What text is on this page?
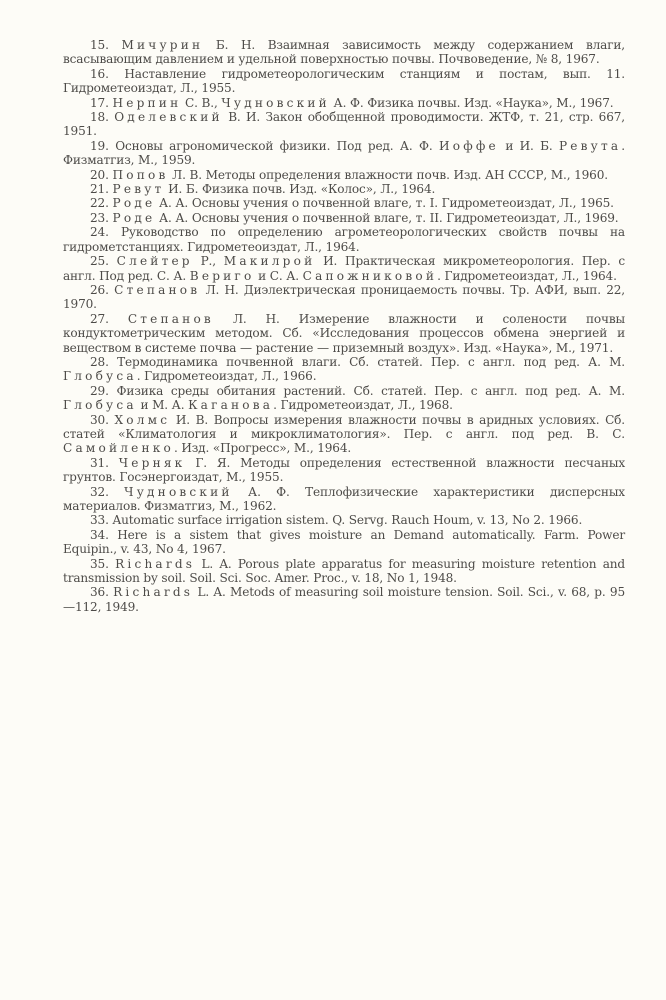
15. Мичурин Б. Н. Взаимная зависимость между содержанием влаги, всасывающим давлением и удельной поверхностью почвы. Почвоведение, № 8, 1967.

16. Наставление гидрометеорологическим станциям и постам, вып. 11. Гидрометеоиздат, Л., 1955.

17. Нерпин С. В., Чудновский А. Ф. Физика почвы. Изд. «Наука», М., 1967.

18. Оделевский В. И. Закон обобщенной проводимости. ЖТФ, т. 21, стр. 667, 1951.

19. Основы агрономической физики. Под ред. А. Ф. Иоффе и И. Б. Ревута. Физматгиз, М., 1959.

20. Попов Л. В. Методы определения влажности почв. Изд. АН СССР, М., 1960.

21. Ревут И. Б. Физика почв. Изд. «Колос», Л., 1964.

22. Роде А. А. Основы учения о почвенной влаге, т. I. Гидрометеоиздат, Л., 1965.

23. Роде А. А. Основы учения о почвенной влаге, т. II. Гидрометеоиздат, Л., 1969.

24. Руководство по определению агрометеорологических свойств почвы на гидрометстанциях. Гидрометеоиздат, Л., 1964.

25. Слейтер Р., Макилрой И. Практическая микрометеорология. Пер. с англ. Под ред. С. А. Вериго и С. А. Сапожниковой. Гидрометеоиздат, Л., 1964.

26. Степанов Л. Н. Диэлектрическая проницаемость почвы. Тр. АФИ, вып. 22, 1970.

27. Степанов Л. Н. Измерение влажности и солености почвы кондуктометрическим методом. Сб. «Исследования процессов обмена энергией и веществом в системе почва — растение — приземный воздух». Изд. «Наука», М., 1971.

28. Термодинамика почвенной влаги. Сб. статей. Пер. с англ. под ред. А. М. Глобуса. Гидрометеоиздат, Л., 1966.

29. Физика среды обитания растений. Сб. статей. Пер. с англ. под ред. А. М. Глобуса и М. А. Каганова. Гидрометеоиздат, Л., 1968.

30. Холмс И. В. Вопросы измерения влажности почвы в аридных условиях. Сб. статей «Климатология и микроклиматология». Пер. с англ. под ред. В. С. Самойленко. Изд. «Прогресс», М., 1964.

31. Черняк Г. Я. Методы определения естественной влажности песчаных грунтов. Госэнергоиздат, М., 1955.

32. Чудновский А. Ф. Теплофизические характеристики дисперсных материалов. Физматгиз, М., 1962.

33. Automatic surface irrigation sistem. Q. Servg. Rauch Houm, v. 13, No 2. 1966.

34. Here is a sistem that gives moisture an Demand automatically. Farm. Power Equipin., v. 43, No 4, 1967.

35. Richards L. A. Porous plate apparatus for measuring moisture retention and transmission by soil. Soil. Sci. Soc. Amer. Proc., v. 18, No 1, 1948.

36. Richards L. A. Metods of measuring soil moisture tension. Soil. Sci., v. 68, p. 95—112, 1949.
